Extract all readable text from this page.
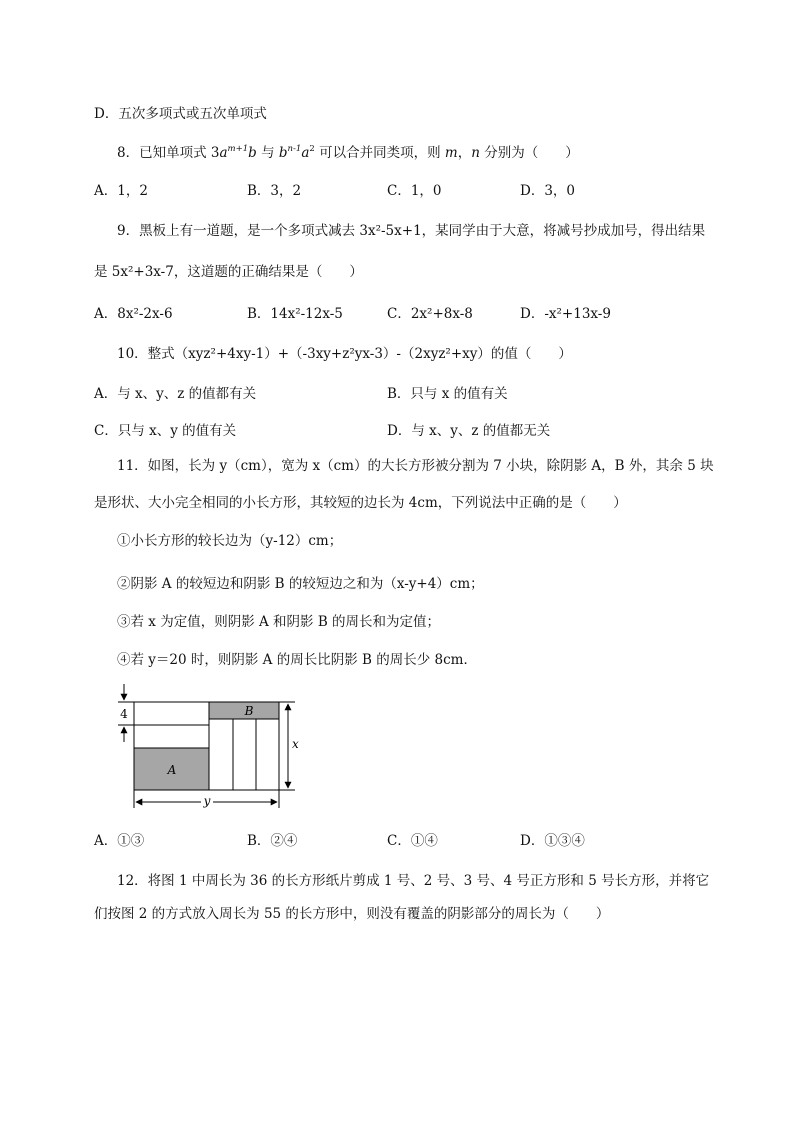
D．五次多项式或五次单项式
8．已知单项式 $3a^{m+1}b$ 与 $b^{n-1}a^2$ 可以合并同类项，则 m，n 分别为（　　）
A．1，2	B．3，2	C．1，0	D．3，0
9．黑板上有一道题，是一个多项式减去 3x²-5x+1，某同学由于大意，将减号抄成加号，得出结果
是 5x²+3x-7，这道题的正确结果是（　　）
A．8x²-2x-6	B．14x²-12x-5	C．2x²+8x-8	D．-x²+13x-9
10．整式（xyz²+4xy-1）+（-3xy+z²yx-3）-（2xyz²+xy）的值（　　）
A．与 x、y、z 的值都有关	B．只与 x 的值有关
C．只与 x、y 的值有关	D．与 x、y、z 的值都无关
11．如图，长为 y（cm），宽为 x（cm）的大长方形被分割为 7 小块，除阴影 A，B 外，其余 5 块
是形状、大小完全相同的小长方形，其较短的边长为 4cm，下列说法中正确的是（　　）
①小长方形的较长边为（y-12）cm；
②阴影 A 的较短边和阴影 B 的较短边之和为（x-y+4）cm；
③若 x 为定值，则阴影 A 和阴影 B 的周长和为定值；
④若 y＝20 时，则阴影 A 的周长比阴影 B 的周长少 8cm．
A
B
4
x
y
A．①③	B．②④	C．①④	D．①③④
12．将图 1 中周长为 36 的长方形纸片剪成 1 号、2 号、3 号、4 号正方形和 5 号长方形，并将它
们按图 2 的方式放入周长为 55 的长方形中，则没有覆盖的阴影部分的周长为（　　）
